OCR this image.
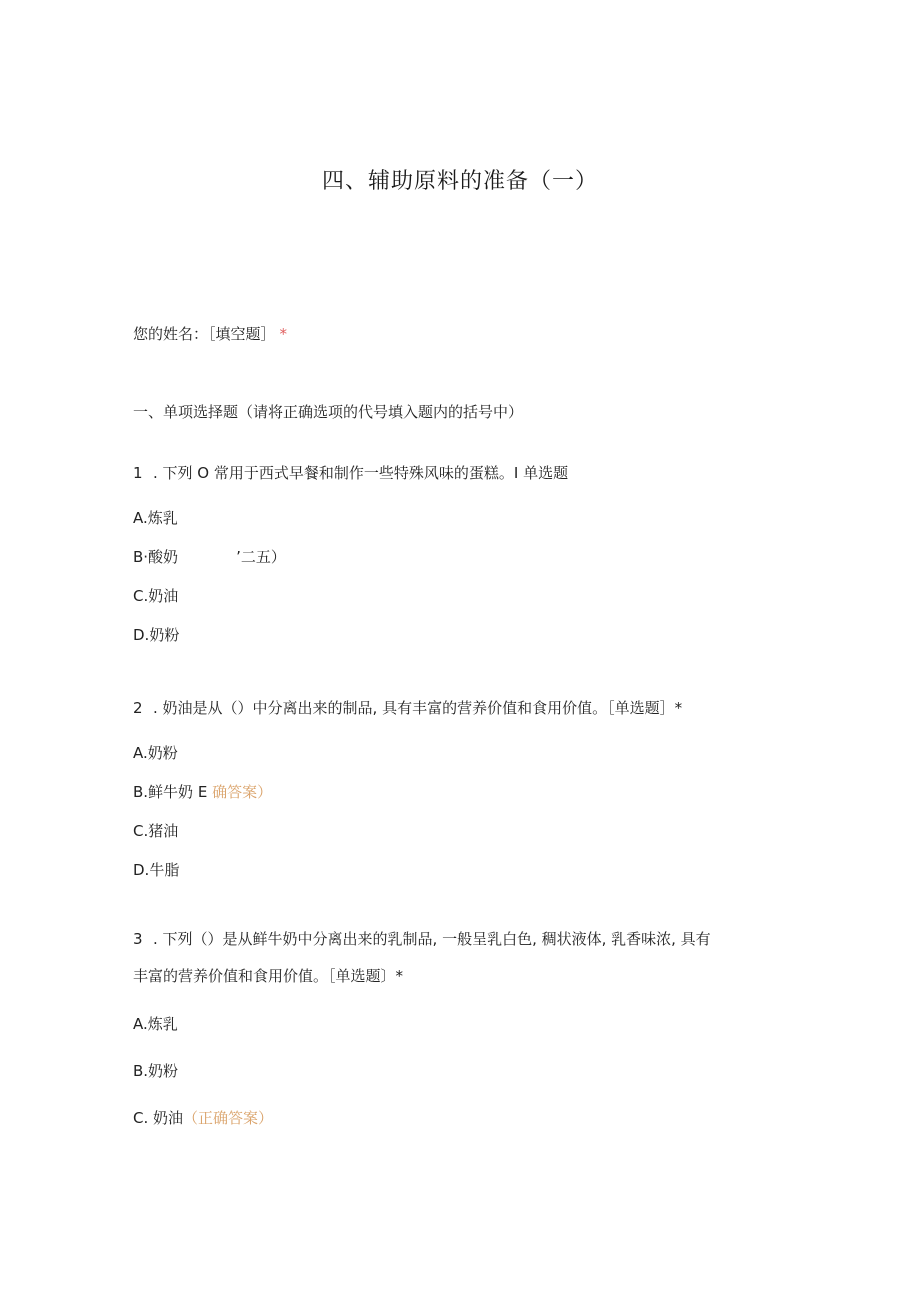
四、辅助原料的准备（一）
您的姓名：［填空题］ *
一、单项选择题（请将正确选项的代号填入题内的括号中）
1 . 下列 O 常用于西式早餐和制作一些特殊风味的蛋糕。I 单选题
A.炼乳
B·酸奶	’二五）
C.奶油
D.奶粉
2 . 奶油是从（）中分离出来的制品, 具有丰富的营养价值和食用价值。［单选题］*
A.奶粉
B.鲜牛奶 E 确答案）
C.猪油
D.牛脂
3 . 下列（）是从鲜牛奶中分离出来的乳制品, 一般呈乳白色, 稠状液体, 乳香味浓, 具有
丰富的营养价值和食用价值。［单选题〕*
A.炼乳
B.奶粉
C. 奶油（正确答案）
